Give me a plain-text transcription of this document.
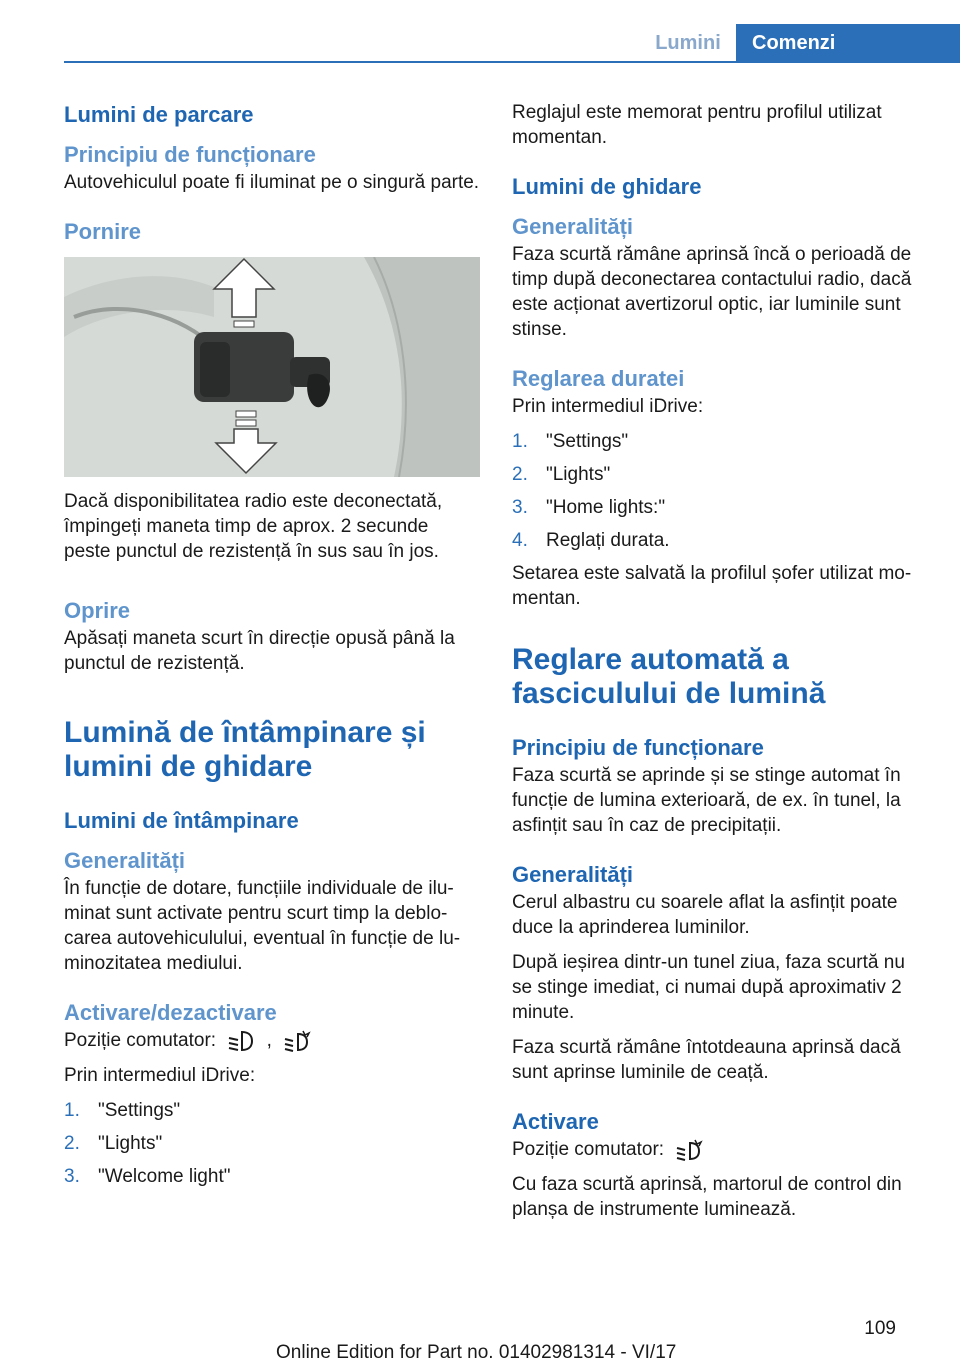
Lumini	Comenzi
Lumini de parcare
Principiu de funcționare

Autovehiculul poate fi iluminat pe o singură parte.

Pornire

Dacă disponibilitatea radio este deconectată, împingeți maneta timp de aprox. 2 secunde peste punctul de rezistență în sus sau în jos.

Oprire

Apăsați maneta scurt în direcție opusă până la punctul de rezistență.

Lumină de întâmpinare și lumini de ghidare
Lumini de întâmpinare
Generalități

În funcție de dotare, funcțiile individuale de ilu-minat sunt activate pentru scurt timp la deblo-carea autovehiculului, eventual în funcție de lu-minozitatea mediului.

Activare/dezactivare

Poziție comutator:	,

Prin intermediul iDrive:

1. "Settings"
2. "Lights"
3. "Welcome light"

Reglajul este memorat pentru profilul utilizat momentan.

Lumini de ghidare
Generalități

Faza scurtă rămâne aprinsă încă o perioadă de timp după deconectarea contactului radio, dacă este acționat avertizorul optic, iar luminile sunt stinse.

Reglarea duratei

Prin intermediul iDrive:

1. "Settings"
2. "Lights"
3. "Home lights:"
4. Reglați durata.

Setarea este salvată la profilul șofer utilizat mo-mentan.

Reglare automată a fasciculului de lumină
Principiu de funcționare

Faza scurtă se aprinde și se stinge automat în funcție de lumina exterioară, de ex. în tunel, la asfințit sau în caz de precipitații.

Generalități

Cerul albastru cu soarele aflat la asfințit poate duce la aprinderea luminilor.

După ieșirea dintr-un tunel ziua, faza scurtă nu se stinge imediat, ci numai după aproximativ 2 minute.

Faza scurtă rămâne întotdeauna aprinsă dacă sunt aprinse luminile de ceață.

Activare

Poziție comutator:

Cu faza scurtă aprinsă, martorul de control din planșa de instrumente luminează.

109
Online Edition for Part no. 01402981314 - VI/17
